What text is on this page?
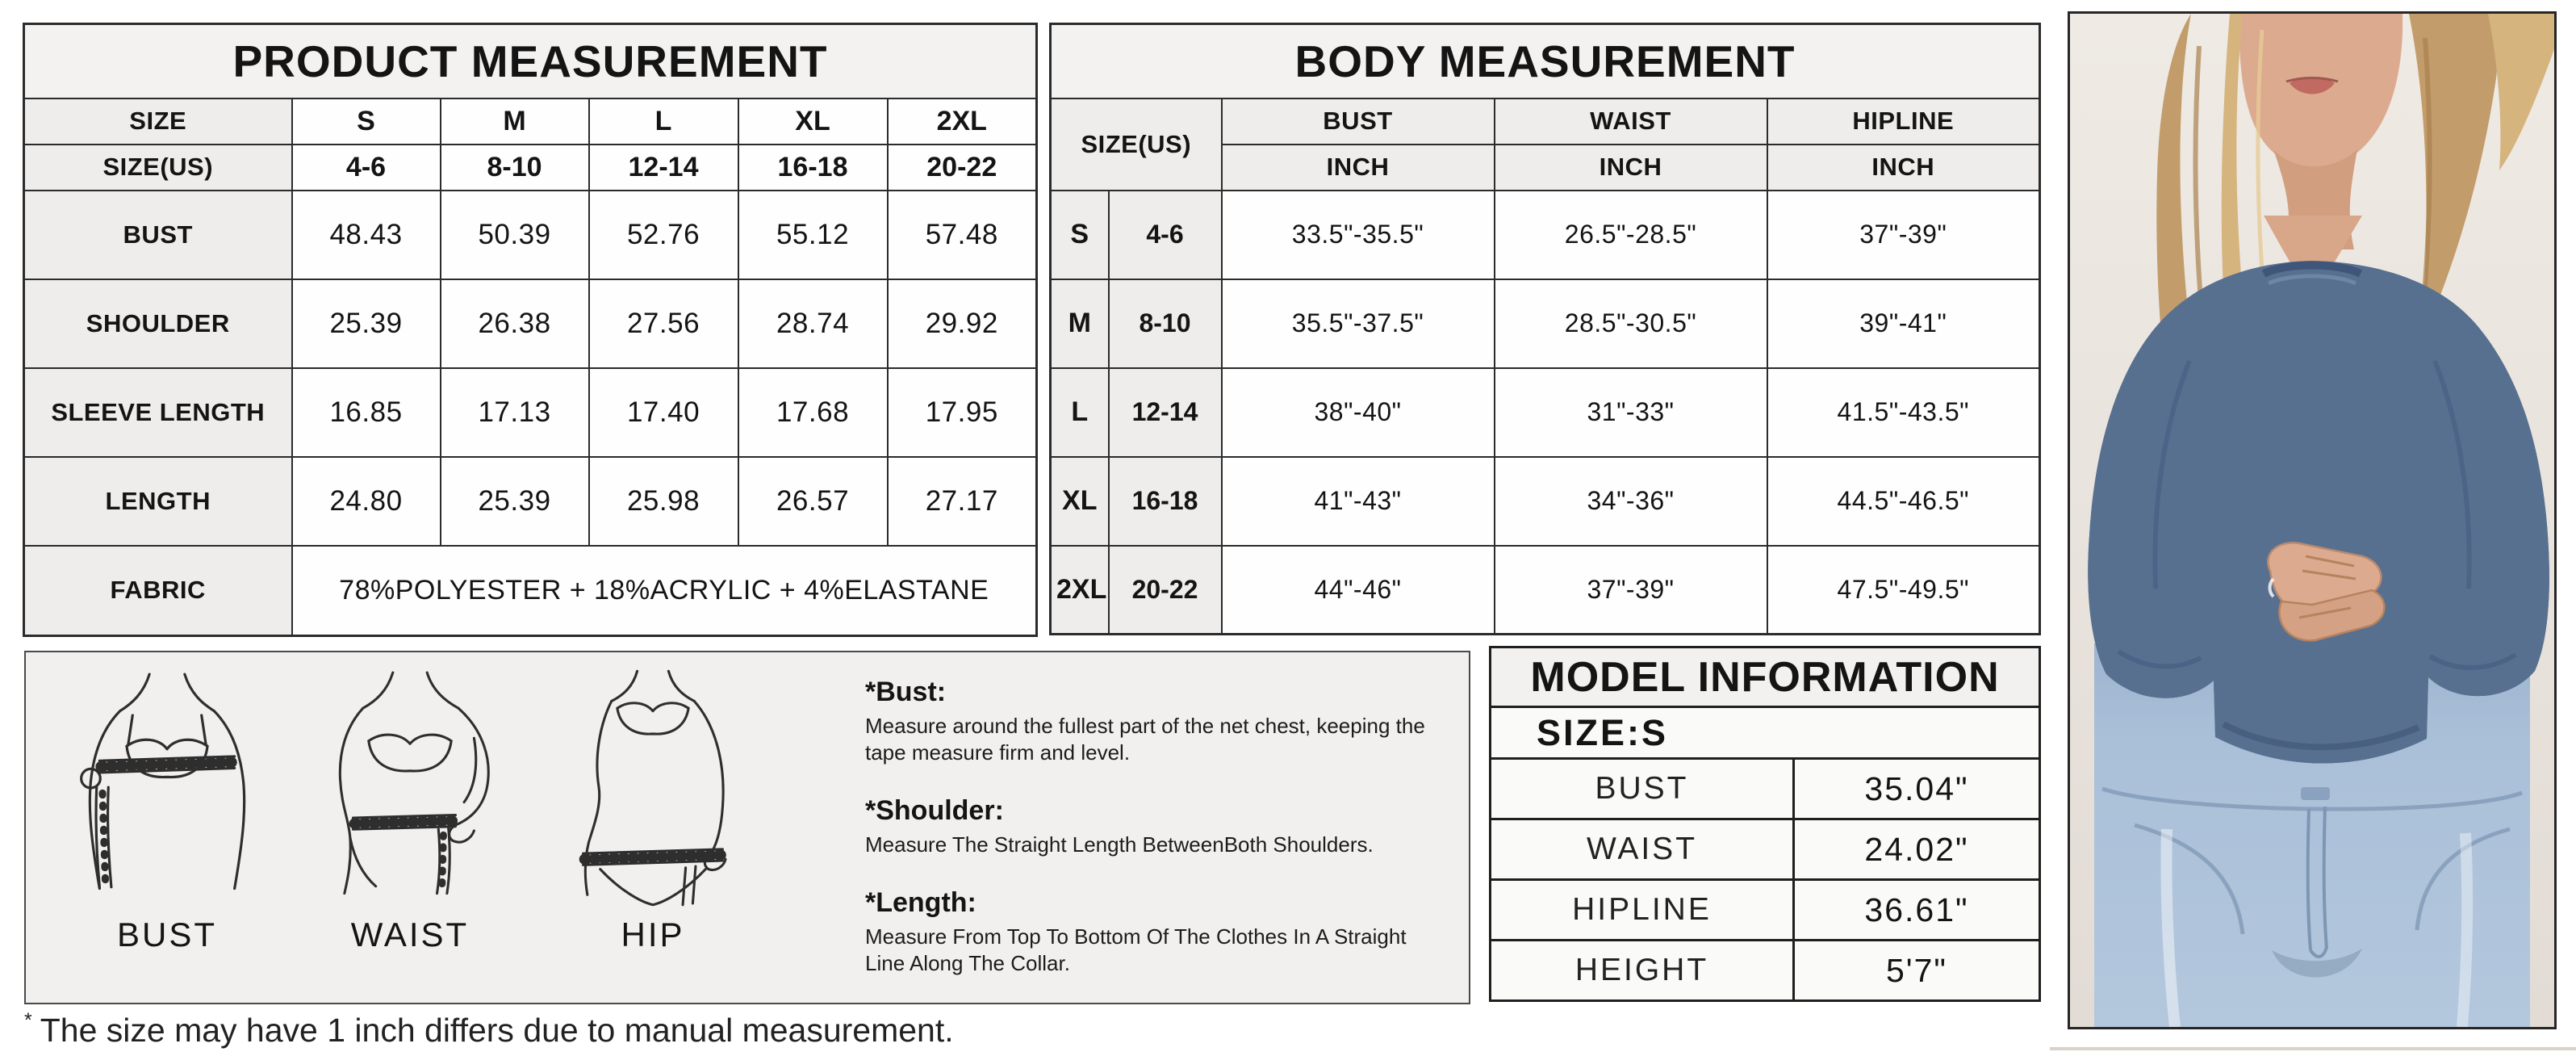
PRODUCT MEASUREMENT					
SIZE	S	M	L	XL	2XL
SIZE(US)	4-6	8-10	12-14	16-18	20-22
BUST	48.43	50.39	52.76	55.12	57.48
SHOULDER	25.39	26.38	27.56	28.74	29.92
SLEEVE LENGTH	16.85	17.13	17.40	17.68	17.95
LENGTH	24.80	25.39	25.98	26.57	27.17
FABRIC	78%POLYESTER + 18%ACRYLIC + 4%ELASTANE				
BODY MEASUREMENT				
SIZE(US)		BUST	WAIST	HIPLINE
		INCH	INCH	INCH
S	4-6	33.5"-35.5"	26.5"-28.5"	37"-39"
M	8-10	35.5"-37.5"	28.5"-30.5"	39"-41"
L	12-14	38"-40"	31"-33"	41.5"-43.5"
XL	16-18	41"-43"	34"-36"	44.5"-46.5"
2XL	20-22	44"-46"	37"-39"	47.5"-49.5"
BUST	WAIST	HIP
*Bust:
Measure around the fullest part of the net chest, keeping the tape measure firm and level.
*Shoulder:
Measure The Straight Length BetweenBoth Shoulders.
*Length:
Measure From Top To Bottom Of The Clothes In A Straight Line Along The Collar.
MODEL INFORMATION	
SIZE:S	
BUST	35.04"
WAIST	24.02"
HIPLINE	36.61"
HEIGHT	5'7"
* The size may have 1 inch differs due to manual measurement.
